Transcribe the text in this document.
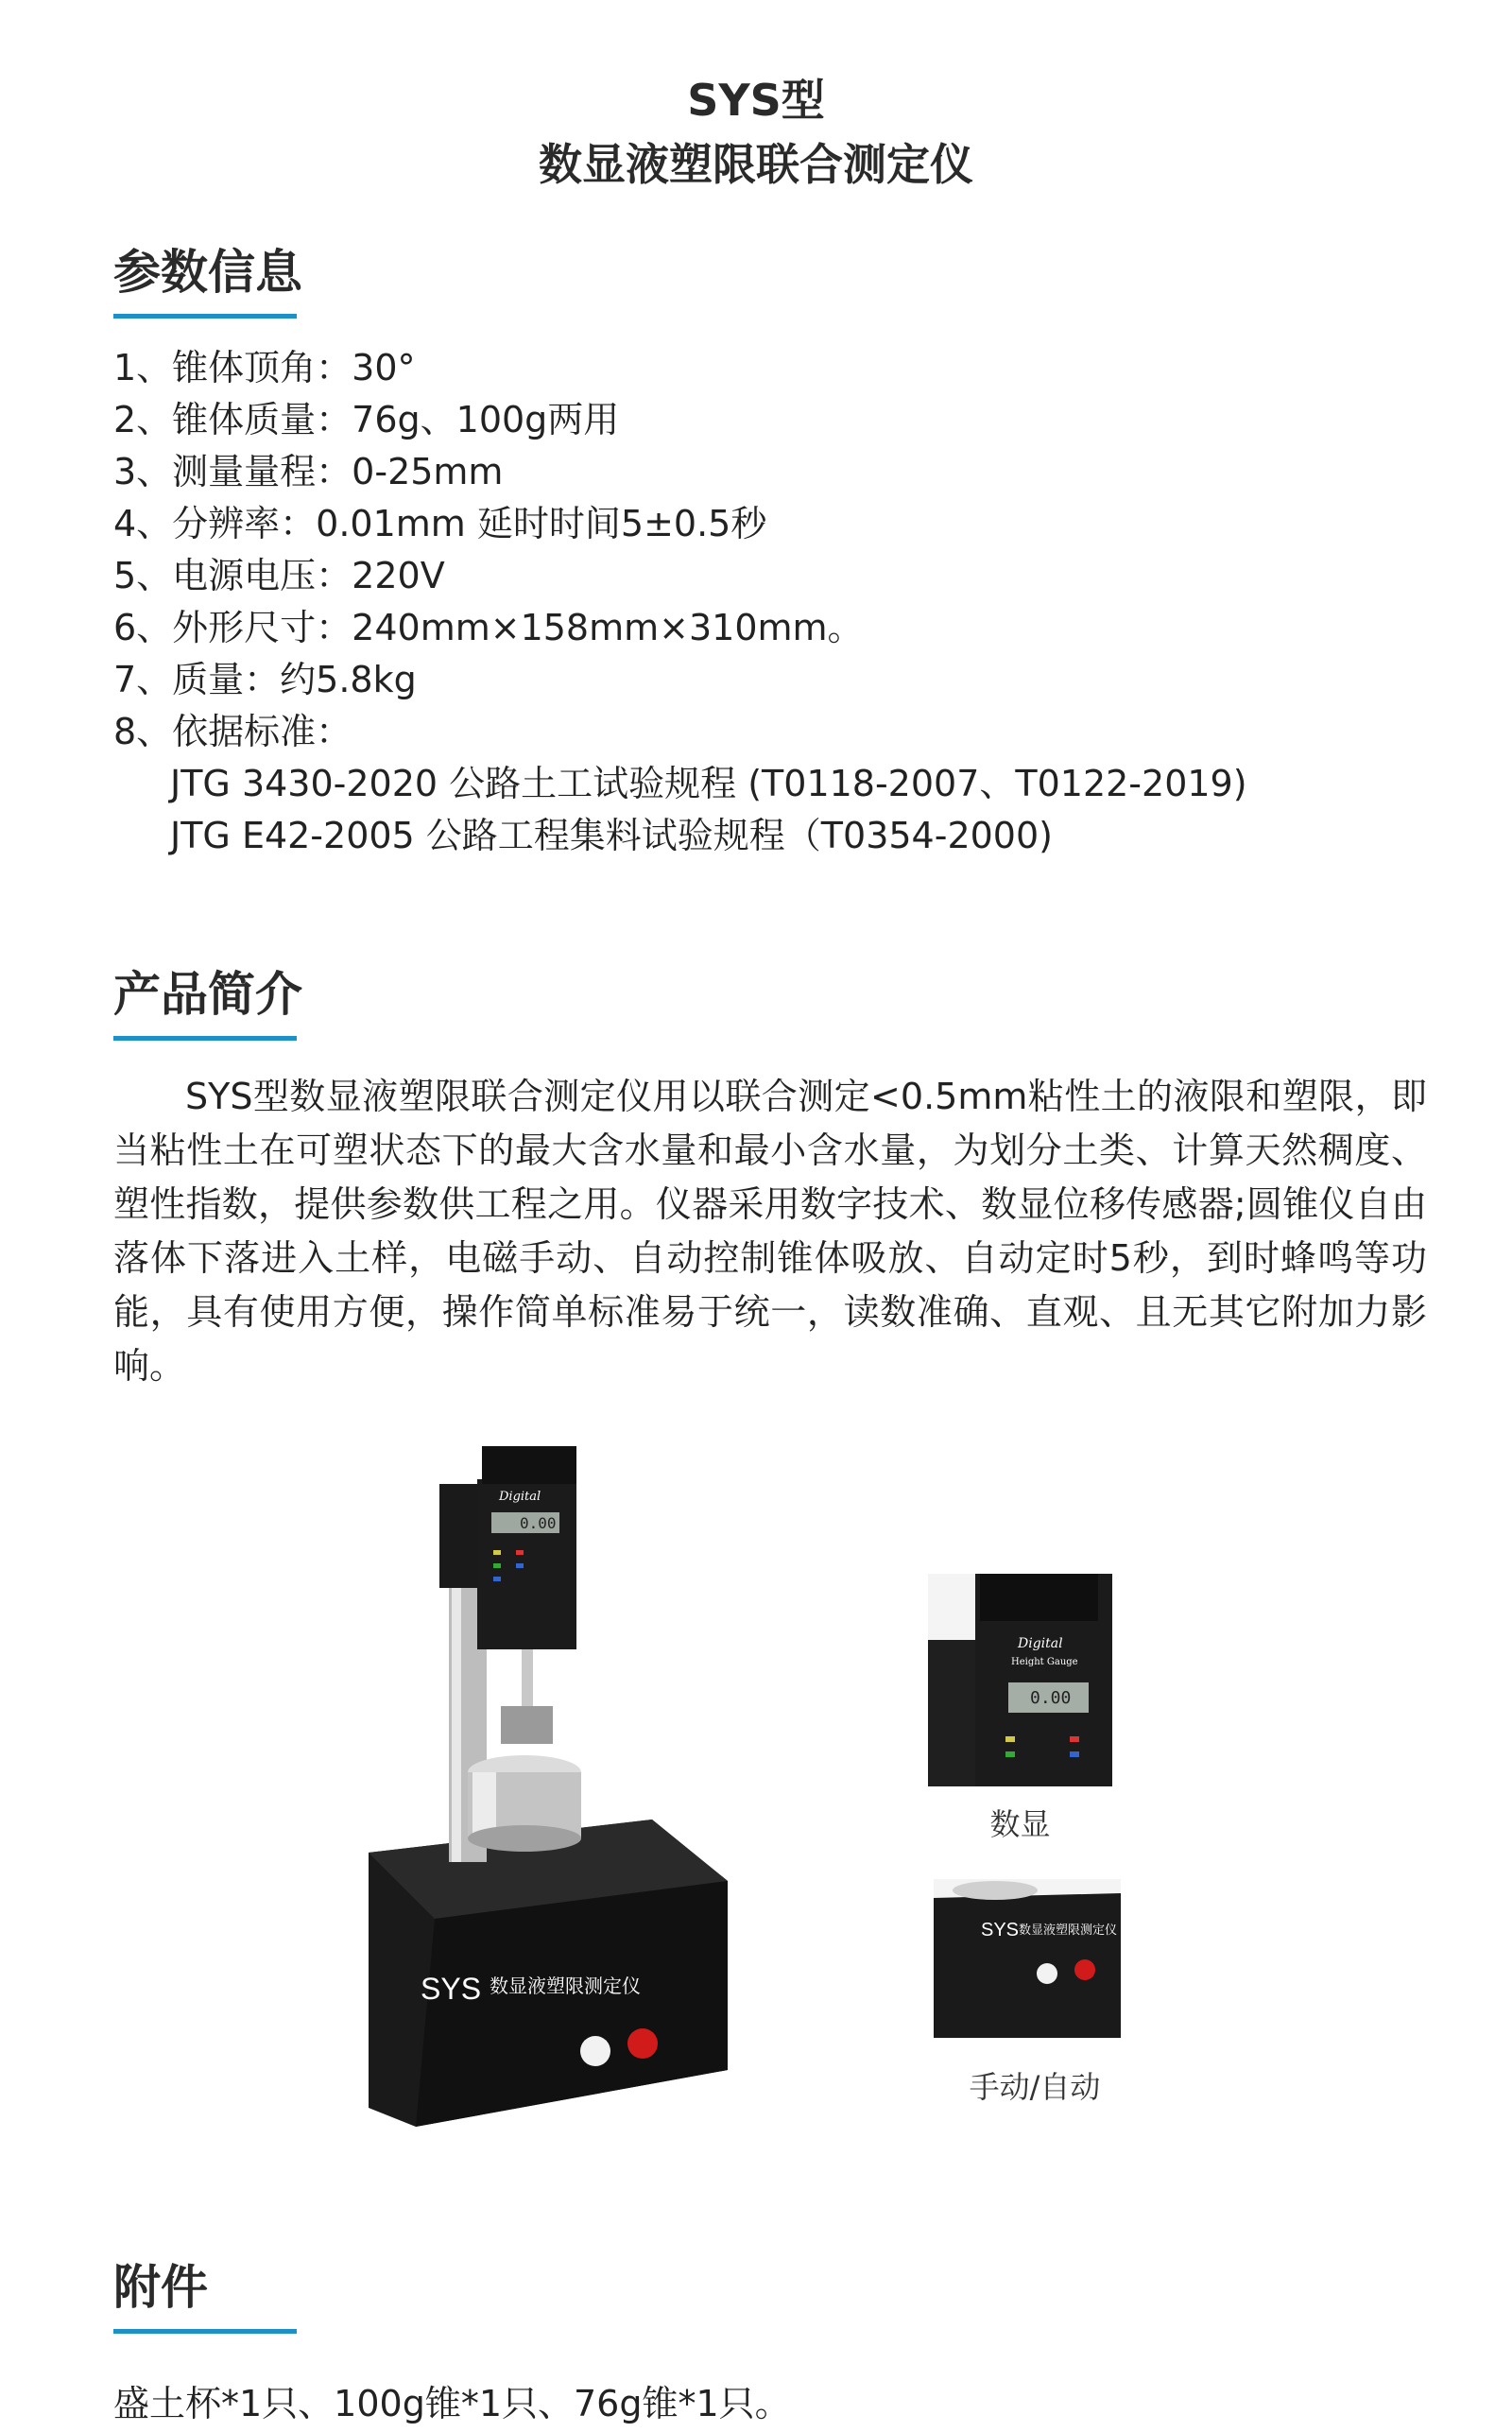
SYS型
数显液塑限联合测定仪
参数信息
1、锥体顶角：30°
2、锥体质量：76g、100g两用
3、测量量程：0-25mm
4、分辨率：0.01mm 延时时间5±0.5秒
5、电源电压：220V
6、外形尺寸：240mm×158mm×310mm。
7、质量：约5.8kg
8、依据标准：
JTG 3430-2020 公路土工试验规程 (T0118-2007、T0122-2019)
JTG E42-2005 公路工程集料试验规程（T0354-2000)
产品简介
SYS型数显液塑限联合测定仪用以联合测定<0.5mm粘性土的液限和塑限，即当粘性土在可塑状态下的最大含水量和最小含水量，为划分土类、计算天然稠度、塑性指数，提供参数供工程之用。仪器采用数字技术、数显位移传感器;圆锥仪自由落体下落进入土样，电磁手动、自动控制锥体吸放、自动定时5秒，到时蜂鸣等功能，具有使用方便，操作简单标准易于统一，读数准确、直观、且无其它附加力影响。
SYS 数显液塑限测定仪
Digital
0.00
Digital
Height Gauge
0.00
数显
SYS 数显液塑限测定仪
手动/自动
附件
盛土杯*1只、100g锥*1只、76g锥*1只。
